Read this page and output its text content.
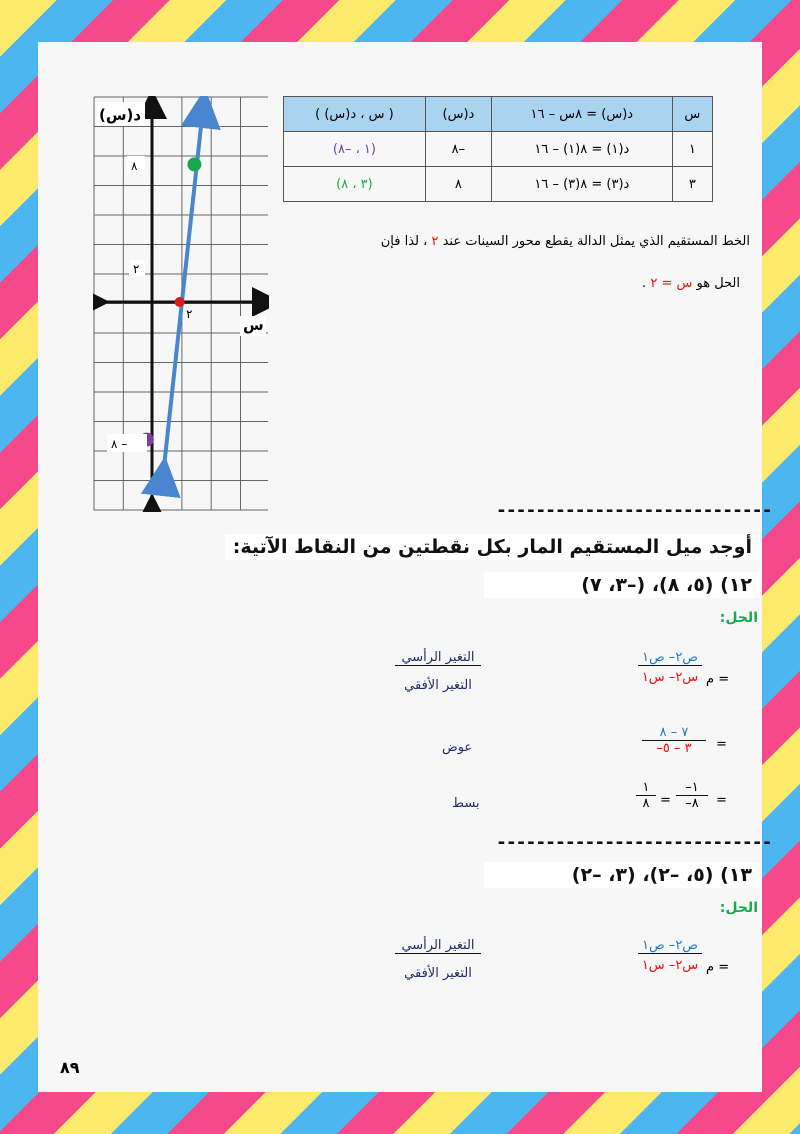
د(س)
س
٨
٢
٢
٨ –
س	د(س) = ٨س – ١٦	د(س)	( س ، د(س) )
١	د(١) = ٨(١) – ١٦	–٨	(١ ، –٨)
٣	د(٣) = ٨(٣) – ١٦	٨	(٣ ، ٨)
الخط المستقيم الذي يمثل الدالة يقطع محور السينات عند ٢ ، لذا فإن
الحل هو س = ٢ .
----------------------------
أوجد ميل المستقيم المار بكل نقطتين من النقاط الآتية:
١٢) (٥، ٨)، (–٣، ٧)
الحل:
م =
ص٢– ص١
س٢– س١
التغير الرأسي
التغير الأفقي
٧ – ٨
–٣ – ٥	=
عوض
–١
–٨	=
=
١
٨
بسط
----------------------------
١٣) (٥، –٢)، (٣، –٢)
الحل:
م =
ص٢– ص١
س٢– س١
التغير الرأسي
التغير الأفقي
٨٩
